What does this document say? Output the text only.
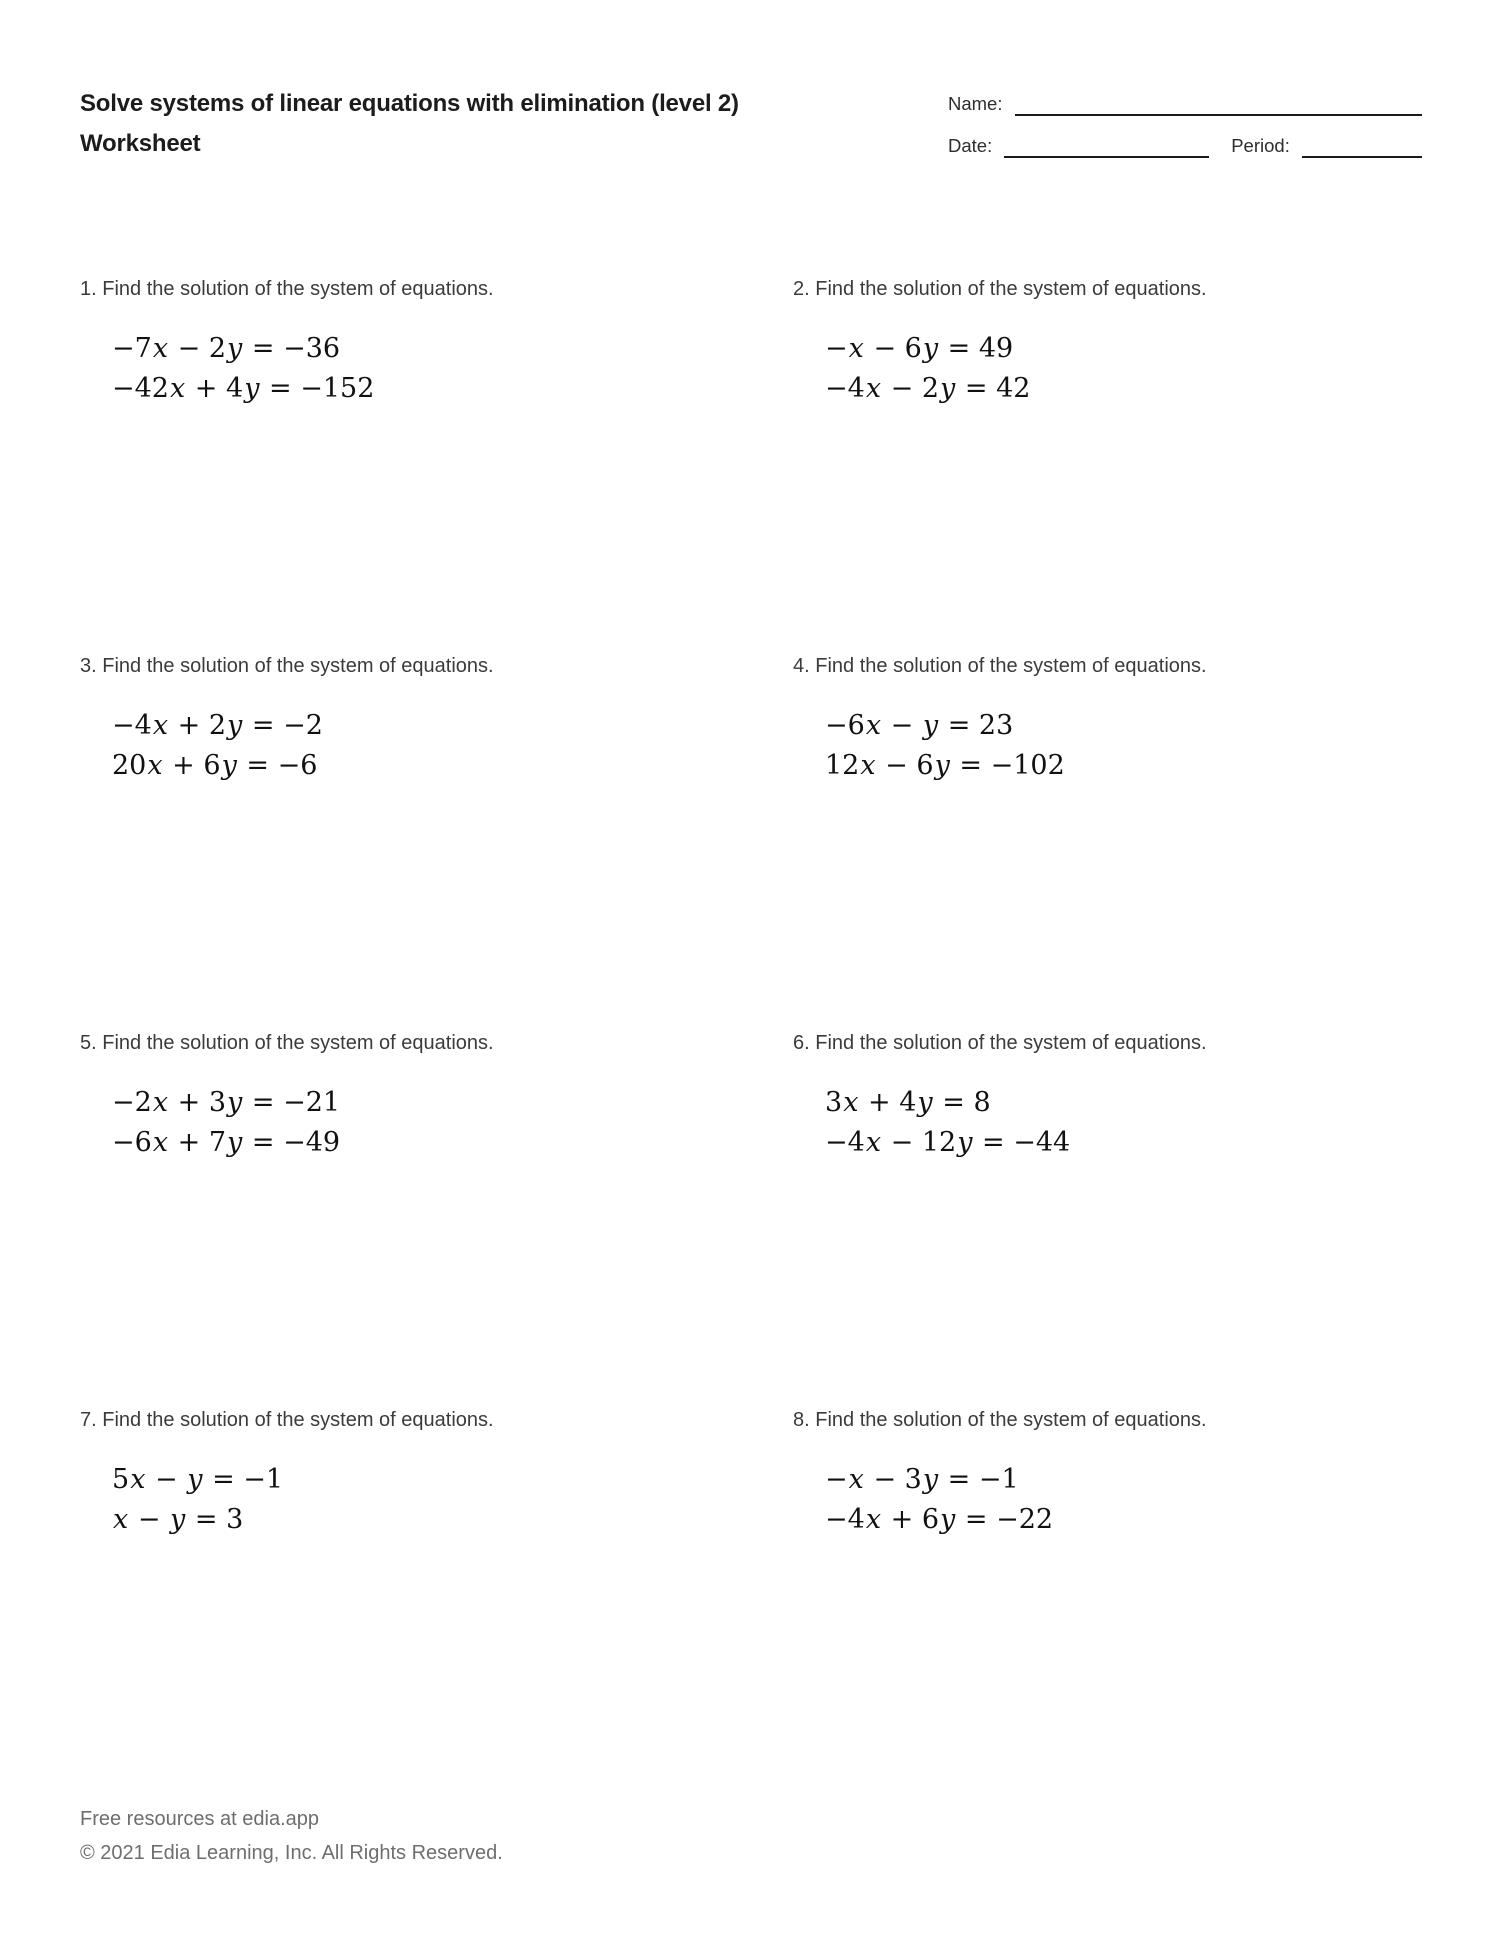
Solve systems of linear equations with elimination (level 2)
Worksheet
Name:
Date:	Period:
1. Find the solution of the system of equations.
−7x − 2y = −36
−42x + 4y = −152
2. Find the solution of the system of equations.
−x − 6y = 49
−4x − 2y = 42
3. Find the solution of the system of equations.
−4x + 2y = −2
20x + 6y = −6
4. Find the solution of the system of equations.
−6x − y = 23
12x − 6y = −102
5. Find the solution of the system of equations.
−2x + 3y = −21
−6x + 7y = −49
6. Find the solution of the system of equations.
3x + 4y = 8
−4x − 12y = −44
7. Find the solution of the system of equations.
5x − y = −1
x − y = 3
8. Find the solution of the system of equations.
−x − 3y = −1
−4x + 6y = −22
Free resources at edia.app
© 2021 Edia Learning, Inc. All Rights Reserved.
